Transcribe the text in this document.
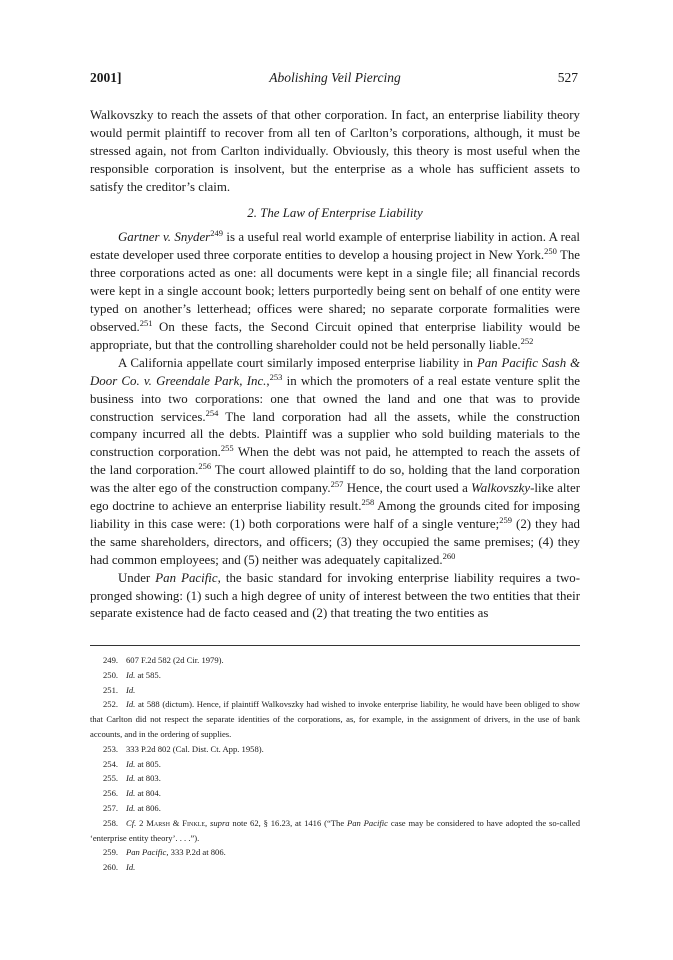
2001]	Abolishing Veil Piercing	527

Walkovszky to reach the assets of that other corporation. In fact, an enterprise liability theory would permit plaintiff to recover from all ten of Carlton’s corporations, although, it must be stressed again, not from Carlton individually. Obviously, this theory is most useful when the responsible corporation is insolvent, but the enterprise as a whole has sufficient assets to satisfy the creditor’s claim.

2. The Law of Enterprise Liability

Gartner v. Snyder$^{249}$ is a useful real world example of enterprise liability in action. A real estate developer used three corporate entities to develop a housing project in New York.$^{250}$ The three corporations acted as one: all documents were kept in a single file; all financial records were kept in a single account book; letters purportedly being sent on behalf of one entity were typed on another’s letterhead; offices were shared; no separate corporate formalities were observed.$^{251}$ On these facts, the Second Circuit opined that enterprise liability would be appropriate, but that the controlling shareholder could not be held personally liable.$^{252}$

A California appellate court similarly imposed enterprise liability in Pan Pacific Sash & Door Co. v. Greendale Park, Inc.,$^{253}$ in which the promoters of a real estate venture split the business into two corporations: one that owned the land and one that was to provide construction services.$^{254}$ The land corporation had all the assets, while the construction company incurred all the debts. Plaintiff was a supplier who sold building materials to the construction corporation.$^{255}$ When the debt was not paid, he attempted to reach the assets of the land corporation.$^{256}$ The court allowed plaintiff to do so, holding that the land corporation was the alter ego of the construction company.$^{257}$ Hence, the court used a Walkovszky-like alter ego doctrine to achieve an enterprise liability result.$^{258}$ Among the grounds cited for imposing liability in this case were: (1) both corporations were half of a single venture;$^{259}$ (2) they had the same shareholders, directors, and officers; (3) they occupied the same premises; (4) they had common employees; and (5) neither was adequately capitalized.$^{260}$

Under Pan Pacific, the basic standard for invoking enterprise liability requires a two-pronged showing: (1) such a high degree of unity of interest between the two entities that their separate existence had de facto ceased and (2) that treating the two entities as

249. 607 F.2d 582 (2d Cir. 1979).

250. Id. at 585.

251. Id.

252. Id. at 588 (dictum). Hence, if plaintiff Walkovszky had wished to invoke enterprise liability, he would have been obliged to show that Carlton did not respect the separate identities of the corporations, as, for example, in the assignment of drivers, in the use of bank accounts, and in the ordering of supplies.

253. 333 P.2d 802 (Cal. Dist. Ct. App. 1958).

254. Id. at 805.

255. Id. at 803.

256. Id. at 804.

257. Id. at 806.

258. Cf. 2 Marsh & Finkle, supra note 62, § 16.23, at 1416 (“The Pan Pacific case may be considered to have adopted the so-called ‘enterprise entity theory’. . . .”).

259. Pan Pacific, 333 P.2d at 806.

260. Id.
